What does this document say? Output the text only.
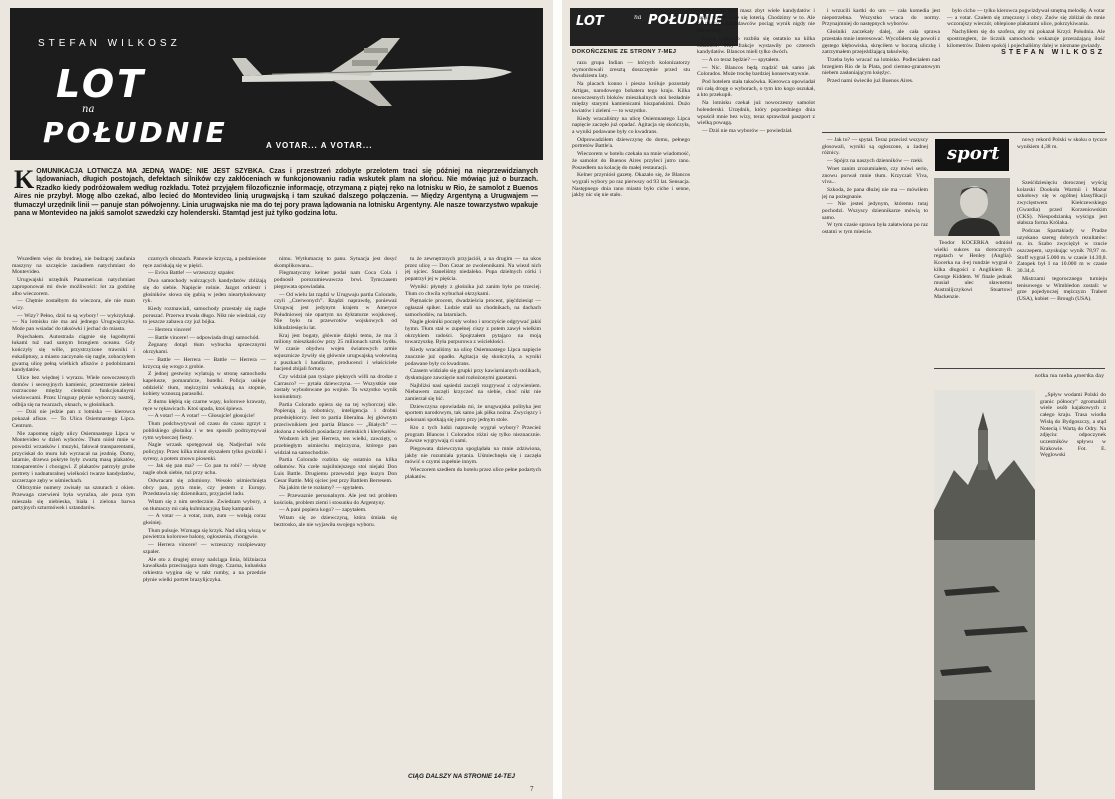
STEFAN WILKOSZ
LOT
na
POŁUDNIE	A VOTAR... A VOTAR...
K OMUNIKACJA LOTNICZA MA JEDNĄ WADĘ: NIE JEST SZYBKA. Czas i przestrzeń zdobyte przelotem traci się później na nieprzewidzianych lądowaniach, długich postojach, defektach silników czy zakłóceniach w funkcjonowaniu radia wskutek plam na słońcu. Nie mówiąc już o burzach. Rzadko kiedy podróżowałem według rozkładu. Toteż przyjąłem filozoficznie informację, otrzymaną z piątej ręko na lotnisku w Rio, że samolot z Buenos Aires nie przybył. Mogę albo czekać, albo lecieć do Montevideo linią urugwajską i tam szukać dalszego połączenia. — Między Argentyną a Urugwajem — tłumaczył urzędnik linii — panuje stan półwojenny. Linia urugwajska nie ma do tej pory prawa lądowania na lotnisku Argentyny. Ale nasze towarzystwo wpakuje pana w Montevideo na jakiś samolot szwedzki czy holenderski. Stamtąd jest już tylko godzina lotu.

Wszedłem więc do brudnej, nie budzącej zaufania maszyny na szczęście zasiadłem natychmiast do Montevideo.

Urugwajski urzędnik Panamerican natychmiast zaproponował mi dwie możliwości: lot za godzinę albo wieczorem.

— Chętnie zostałbym do wieczora, ale nie mam wizy.

— Wizy? Pełno, dziś tu są wybory! — wykrzyknął. — Na lotnisku nie ma ani jednego Urugwajczyka. Może pan wsiadać do taksówki i jechać do miasta.

Pojechałem. Autostrada ciągnie się łagodnymi łukami tuż nad samym brzegiem oceanu. Gdy kończyły się wille, przystrzyżone trawniki i eukaliptusy, a miasto zaczynało się nagle, zobaczyłem gwarną ulicę pełną wielkich afiszów z podobiznami kandydatów.

Ulice bez więdnej i wyrazu. Wiele nowoczesnych domów i secesyjnych kamienic, przestrzenie zieleni rozrzucone między cienkimi funkcjonalnymi wieżowcami. Przez Uruguay płynie wyborczy nastrój, odbija się na twarzach, oknach, w głośnikach.

— Dziś nie jedzie pan z lotniska — kierowca pokazał afisze. — To Ulica Osiemnastego Lipca. Centrum.

Nie zapomnę nigdy ulicy Osiemnastego Lipca w Montevideo w dzień wyborów. Tłum niósł mnie w powodzi wrzasków i muzyki, falował transparentami, przyciskał do muru lub wyrzucał na jezdnię. Domy, latarnie, drzewa pokryte były zwartą masą plakatów, transparentów i chorągwi. Z plakatów patrzyły grube portrety i nadnaturalnej wielkości twarze kandydatów, szczerzące zęby w uśmiechach.

Olbrzymie numery zwisały na sznurach z okien. Przewaga czerwieni była wyraźna, ale poza tym mieszała się niebieska, biała i zielona barwa partyjnych szturmówek i sztandarów.

czarnych obrazach. Panowie krzyczą, a podniesione ręce zaciskają się w pięści.

— Eviva Battle! — wrzeszczy szpaler.

Dwa samochody walczących kandydatów zbliżają się do siebie. Napięcie rośnie. Jazgot orkiestr i głośników słowa się gubią w jeden nieartykułowany ryk.

Kiedy rozmawiali, samochody przestały się nagle poruszać. Przerwa trwała długo. Nikt nie wiedział, czy to jeszcze zabawa czy już bójka.

— Herrera vincere!

— Battle vincere! — odpowiada drugi samochód.

Żegnany dotąd tłum wybucha sprzecznymi okrzykami.

— Battle — Herrera — Battle — Herrera — krzyczą się wrogo z grobie.

Z jednej gestwiny wylatują w stronę samochodu kapelusze, pomarańcze, butelki. Policja usiłuje oddzielić tłum, mężczyźni wskakują na stopnie, kobiety wznoszą parasolki.

Z tłumu kłębią się czarne wąsy, kolorowe krawaty, ręce w rękawicach. Ktoś upada, ktoś śpiewa.

— A votar! — A votar! — Głosujcie! głosujcie!

Tłum podchwytywał od czasu do czasu zgrzyt z pobliskiego głośnika i w ten sposób podrzymywał rytm wyborczej fiesty.

Nagle wrzask spotęgował się. Nadjechał wóz policyjny. Przez kilka minut słyszałem tylko gwizdki i syreny, a potem znowu piosenki.

— Jak się pan ma? — Co pan tu robi? — słyszę nagle obok siebie, tuż przy uchu.

Odwracam się zdumiony. Wesoło uśmiechnięta obcy pan, pyta mnie, czy jestem z Europy. Przedstawia się: dziennikarz, przyjaciel ludu.

Witam się z nim serdecznie. Zwiedzam wybory, a on tłumaczy mi całą kulminacyjną fazę kampanii.

— A votar — a votar, zum, zum — wołają coraz głośniej.

Tłum pulsuje. Wzmaga się krzyk. Nad ulicą wiszą w powietrzu kolorowe balony, ogłoszenia, chorągwie.

— Herrera vincere! — wrzeszczy rozśpiewany szpaler.

Ale oto z drugiej strony nadciąga linia, bliźniacza kawalkada przecinająca nam drogę. Czarna, kubańska orkiestra wygina się w takt rumby, a na przedzie płynie wielki portret brazylijczyka.

nimu. Wytłumaczę to panu. Sytuacja jest dosyć skomplikowana...

Flegmatyczny kelner podał nam Coca Cola i podnosił porozumiewawczo brwi. Tymczasem piegowata opowiadała.

— Od wielu lat rządzi w Urugwaju partia Colorado, czyli „Czerwonych”. Rządzi naprawdę, ponieważ Urugwaj jest jedynym krajem w Ameryce Południowej nie opartym na dyktaturze wojskowej. Nie było tu przewrotów wojskowych od kilkudziesięciu lat.

Kraj jest bogaty, głównie dzięki temu, że ma 3 miliony mieszkańców przy 25 milionach sztuk bydła. W czasie obydwu wojen światowych armie sojusznicze żywiły się głównie urugwajską wołowiną z puszkach i handlarze, producenci i właściciele hacjend zbijali fortuny.

Czy widział pan tysiące pięknych willi na drodze z Carrasco? — pytała dziewczyna. — Wszystkie one zostały wybudowane po wojnie. To wszystko wynik koniunktury.

Partia Colorado opiera się na tej wyborczej sile. Popierają ją robotnicy, inteligencja i drobni przedsiębiorcy. Jest to partia liberalna. Jej głównym przeciwnikiem jest partia Blanco — „Białych” — złożona z wielkich posiadaczy ziemskich i klerykałów.

Wodzem ich jest Herrera, ten wielki, zawzięty, o przebiegłym uśmiechu mężczyzna, którego pan widział na samochodzie.

Partia Colorado rozbita się ostatnio na kilka odłamów. Na czele najsilniejszego stoi niejaki Don Luis Battle. Drugiemu przewodzi jego kuzyn Don Cesar Battle. Mój ojciec jest przy Battlem Berresem.

Na jakim tle te rozłamy? — spytałem.

— Przewaznie personalnym. Ale jest też problem kościoła, problem ziemi i stosunku do Argentyny.

— A pani popiera kogo? — zapytałem.

Witam się ze dziewczyną, która śmiała się beztrosko, ale nie wyjawiła swojego wyboru.

tu że zewnętrznych przyjaciół, a na drugim — na ukos przez ulicę — Don Cezar ze zwolennikami. Na wiezd nich jej ojciec. Staneliśmy niedaleko. Pupa dzielnych córki i popatrzył jej w pięścia.

Wyniki: płynęły z głośnika już zanim było po trzeciej. Tłum co chwila wybuchał okrzykami.

Piętnaście procent, dwadzieścia procent, pięćdziesiąt — ogłaszał spiker. Ludzie stali na chodnikach, na dachach samochodów, na latarniach.

Nagle głośniki poczęły wolno i uroczyście odgrywać jakiś hymn. Tłum stał w zupełnej ciszy z potem zawył wielkim okrzykiem radości. Spojrzałem pytająco na moją towarzyszkę. Była purpurowa z wściekłości.

Kiedy wracaliśmy na ulicę Osiemnastego Lipca napięcie znacznie już opadło. Agitacja się skończyła, a wyniki podawane były co kwadrans.

Czasem widziało się grupki przy kawiarnianych stolikach, dyskutujące zawzięcie nad rozłożonymi gazetami.

Najbliżsi nasi sąsiedzi zaczęli rozgrywać z ożywieniem. Niebawem zaczęli krzyczeć na siebie, choć nikt nie zamierzał się bić.

Dziewczyna opowiadała mi, że urugwajska polityka jest sportem narodowym, tak samo jak piłka nożna. Zwycięzcy i pokonani spotkają się jutro przy jednym stole.

Kto z tych ludzi naprawdę wygrał wybory? Przecież program Blancos i Colorados różni się tylko nieznacznie. Zawsze wygrywają ci sami.

Piegowata dziewczyna spoglądała na mnie zdziwiona, jakby nie rozumiała pytania. Uśmiechnęła się i zaczęła mówić o czymś zupełnie innym.

Wieczorem szedłem do hotelu przez ulice pełne podartych plakatów.

CIĄG DALSZY NA STRONIE 14-TEJ
7
LOT	na POŁUDNIE
DOKOŃCZENIE ZE STRONY 7-MEJ

razu grupa Indian — których kolonizatorzy wymordowali zresztą doszczętnie przed stu dwudziestu laty.

Na placach konno i pieszo króluje pozostały Artigas, narodowego bohatera tego kraju. Kilka nowoczesnych bloków mieszkalnych stoi bezładnie między starymi kamienicami hiszpańskimi. Dużo kwiatów i zieleni — to wszystko.

Kiedy wracaliśmy na ulicę Osiemnastego Lipca napięcie zaczęło już opadać. Agitacja się skończyła, a wyniki podawane były co kwadrans.

Odprowadziłem dziewczynę do domu, pełnego portretów Battle'a.

Wieczorem w hotelu czekała na mnie wiadomość, że samolot do Buenos Aires przyleci jutro rano. Poszedłem na kolację do małej restauracji.

Kelner przyniósł gazetę. Okazało się, że Blancos wygrali wybory po raz pierwszy od 93 lat. Sensacja. Następnego dnia rano miasto było ciche i senne, jakby nic się nie stało.

Wiesz, że gdy masz zbyt wiele kandydatów i partii, wybór staje się loterią. Chodzimy w to. Ale od naszych sprzedawców pociąg wynik nigdy nie jest pewny.

Partia Colorado rozbiła się ostatnio na kilka odłamów. Trzy frakcje wystawiły po czterech kandydatów. Blancos mieli tylko dwóch.

— A co teraz będzie? — spytałem.

— Nic. Blancos będą rządzić tak samo jak Colorados. Może trochę bardziej konserwatywnie.

Pod hotelem stała taksówka. Kierowca opowiadał mi całą drogę o wyborach, o tym kto kogo oszukał, a kto przekupił.

Na lotnisku czekał już nowoczesny samolot holenderski. Urzędnik, który poprzedniego dnia wpuścił mnie bez wizy, teraz sprawdzał paszport z wielką powagą.

— Dziś nie ma wyborów — powiedział.

i wrzucili kartki do urn — cała komedia jest niepotrzebna. Wszystko wraca do normy. Przynajmniej do następnych wyborów.

Głośniki zaczekały dalej, ale cała sprawa przestała mnie interesować. Wycofałem się powoli z gęstego kłębowiska, skręciłem w boczną uliczkę i zatrzymałem przejeżdżającą taksówkę.

Trzeba było wracać na lotnisko. Podleciałem nad brzegiem Rio de la Plata, pod ciemno-granatowym niebem zasłaniającym księżyc.

Przed nami świeciło już Buenos Aires.

było cicho — tylko kierowca pogwizdywał smętną melodię. A votar — a votar. Czułem się zmęczony i obcy. Znów się zbliżał do mnie wczorajszy wieczór, oblepione plakatami ulice, pokrzykiwania.

Nachyliłem się do szofera, aby mi pokazał Krzyż Południa. Ale spostrzegłem, że licznik samochodu wskazuje przerażającą ilość kilometrów. Dalem spokój i pojechaliśmy dalej w nieznane gwiazdy.

STEFAN WILKOSZ
sport

nowy rekord Polski w skoku o tyczce wynikiem 4,38 m.

Sześćdziesięciu dorocznej wyścig kolarski Dookoła Warmii i Mazur szkołowy się w ogólnej klasyfikacji zwycięstwem Kiełczewskiego (Gwardia) przed Korzeniowskim (CKS). Niespodzianką wyścigu jest słabsza forma Królaka.

Podczas Spartakiady w Pradze uzyskano szereg dobrych rezultatów: m. in. Szabo zwyciężył w rzucie oszczepem, uzyskując wynik 78,97 m. Stoff wygrał 5.000 m. w czasie 14.39,8. Zatopek był I na 10.000 m w czasie 30.34,4.

Mistrzami tegorocznego turnieju tenisowego w Wimbledon zostali: w grze pojedynczej mężczyzn Trabert (USA), kobiet — Brough (USA).

Teodor KOCERKA odniósł wielki sukces na dorocznych regatach w Henley (Anglia). Kocerka na 4-ej rundzie wygrał o kilka długości z Anglikiem R. George Kiddem. W finale jednak musiał ulec sławnemu Australijczykowi Stuartowi Mackenzie.

— Jak to? — spytał. Teraz przecież wszyscy głosowali, wyniki są ogłoszone, a żadnej różnicy.

— Spójrz na naszych dzienników — rzekł.

Wnet zanim zrozumiałem, czy mówi serio, znowu porwał mnie tłum. Krzyczał: Viva, viva...

Szkoda, że pana dłużej nie ma — mówiłem jej na pożegnanie.

— Nie jesteś jedynym, któremu tutaj pochodzi. Wszyscy dziennikarze mówią to samo.

W tym czasie sprawa była załatwiona po raz ostatni w tym mieście.

ʎɐp ɐʞıɹǝɯ∀ ɐqǝıu ɐɯ ɐʞʇoᴚ

„Spływ wodami Polski do granic północy” zgromadził wiele osób kajakowych z całego kraju. Trasa wiodła Wisłą do Bydgoszczy, a stąd Notecią i Wartą do Odry. Na zdjęciu: odpoczynek uczestników spływu w Krakowie. Fot. E. Węglowski
